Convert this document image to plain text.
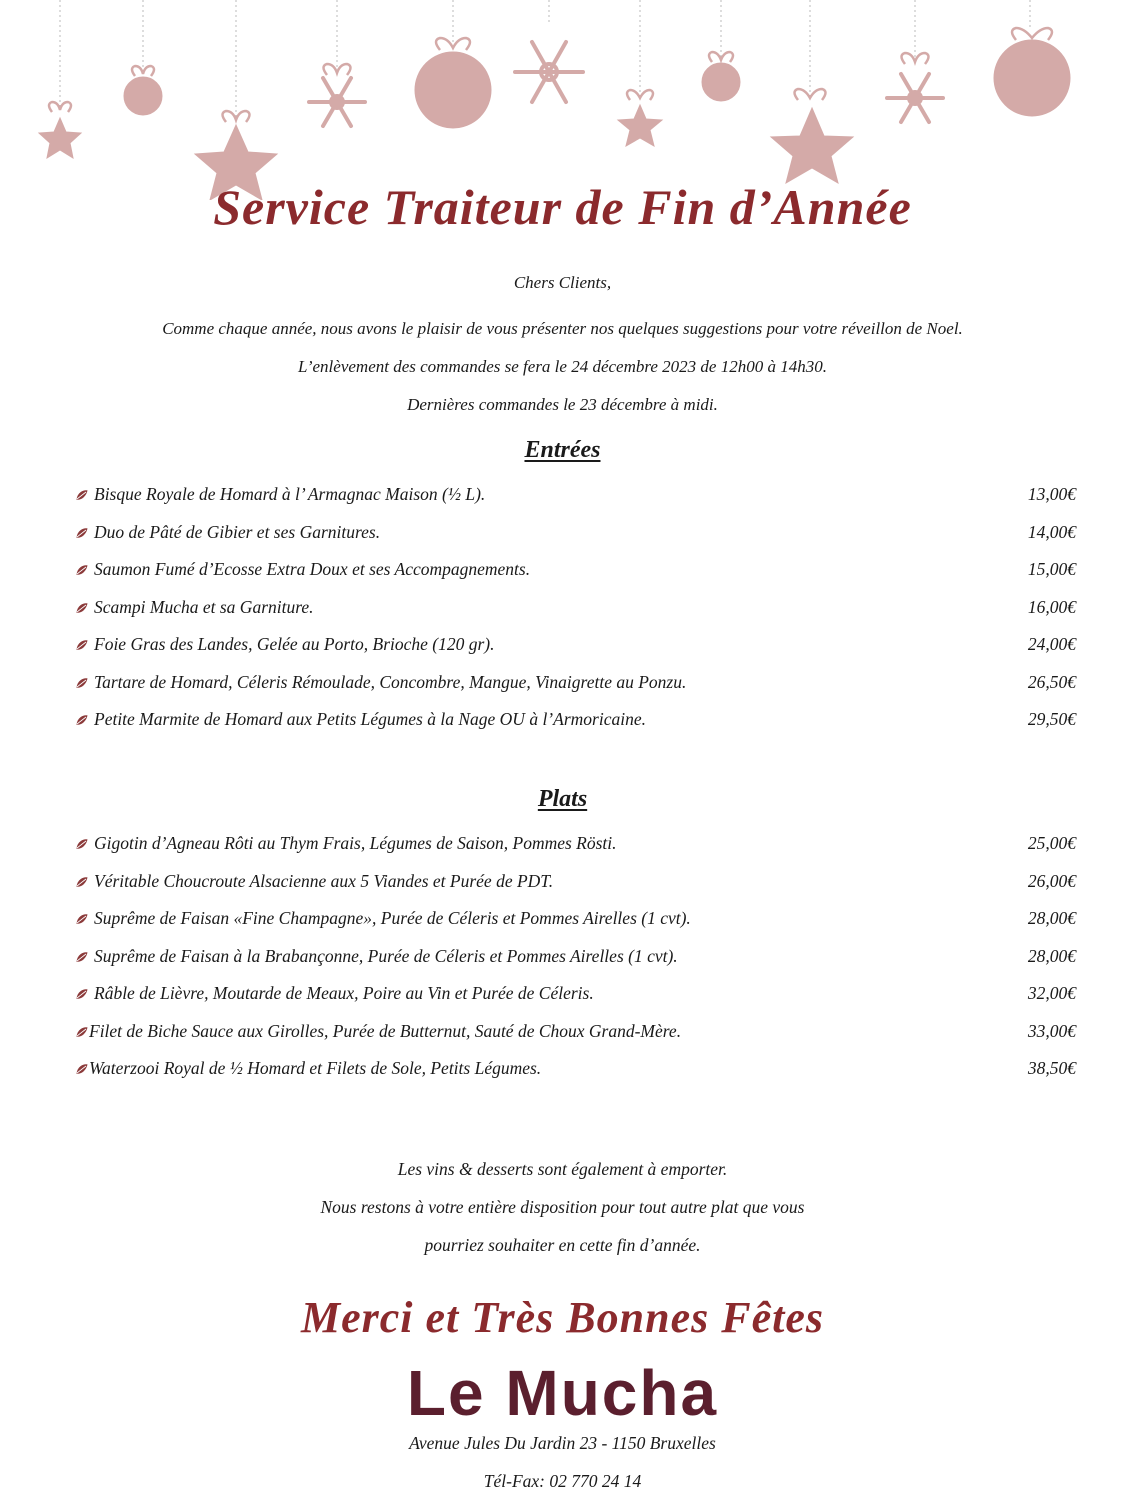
Service Traiteur de Fin d’Année
Chers Clients,
Comme chaque année, nous avons le plaisir de vous présenter nos quelques suggestions pour votre réveillon de Noel.
L’enlèvement des commandes se fera le 24 décembre 2023 de 12h00 à 14h30.
Dernières commandes le 23 décembre à midi.
Entrées
Bisque Royale de Homard à l’ Armagnac Maison (½ L).	13,00€
Duo de Pâté de Gibier et ses Garnitures.	14,00€
Saumon Fumé d’Ecosse Extra Doux et ses Accompagnements.	15,00€
Scampi Mucha et sa Garniture.	16,00€
Foie Gras des Landes, Gelée au Porto, Brioche (120 gr).	24,00€
Tartare de Homard, Céleris Rémoulade, Concombre, Mangue, Vinaigrette au Ponzu.	26,50€
Petite Marmite de Homard aux Petits Légumes à la Nage OU à l’Armoricaine.	29,50€
Plats
Gigotin d’Agneau Rôti au Thym Frais, Légumes de Saison, Pommes Rösti.	25,00€
Véritable Choucroute Alsacienne aux 5 Viandes et Purée de PDT.	26,00€
Suprême de Faisan «Fine Champagne», Purée de Céleris et Pommes Airelles (1 cvt).	28,00€
Suprême de Faisan à la Brabançonne, Purée de Céleris et Pommes Airelles (1 cvt).	28,00€
Râble de Lièvre, Moutarde de Meaux, Poire au Vin et Purée de Céleris.	32,00€
Filet de Biche Sauce aux Girolles, Purée de Butternut, Sauté de Choux Grand-Mère.	33,00€
Waterzooi Royal de ½ Homard et Filets de Sole, Petits Légumes.	38,50€
Les vins & desserts sont également à emporter.
Nous restons à votre entière disposition pour tout autre plat que vous
pourriez souhaiter en cette fin d’année.
Merci et Très Bonnes Fêtes
Le Mucha
Avenue Jules Du Jardin 23 - 1150 Bruxelles
Tél-Fax: 02 770 24 14
